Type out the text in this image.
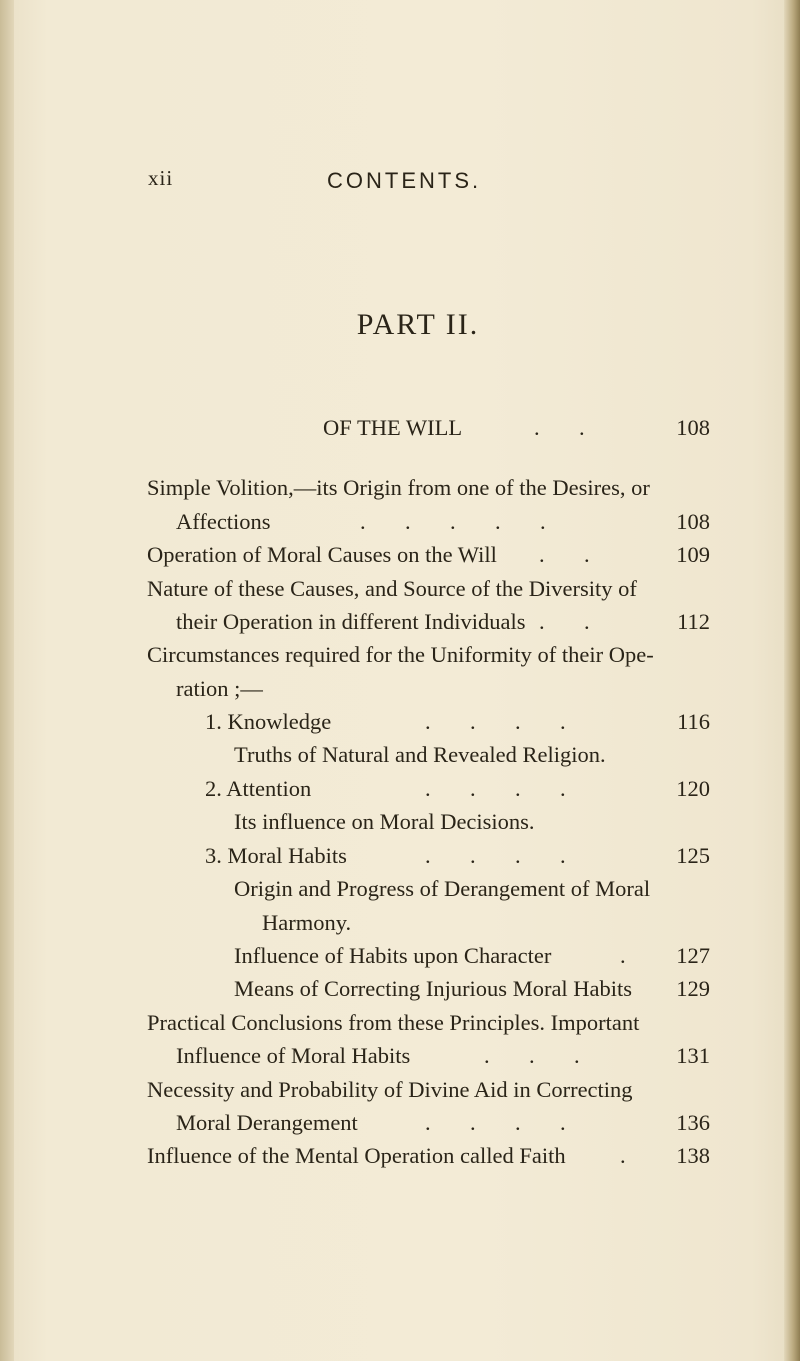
xii	CONTENTS.
PART II.
OF THE WILL	.       .	108
Simple Volition,—its Origin from one of the Desires, or
Affections	.       .       .       .       .	108
Operation of Moral Causes on the Will .       .	109
Nature of these Causes, and Source of the Diversity of
their Operation in different Individuals .       .	112
Circumstances required for the Uniformity of their Ope-
ration ;—
1. Knowledge	.       .       .       .	116
Truths of Natural and Revealed Religion.
2. Attention	.       .       .       .	120
Its influence on Moral Decisions.
3. Moral Habits	.       .       .       .	125
Origin and Progress of Derangement of Moral
Harmony.
Influence of Habits upon Character	.	127
Means of Correcting Injurious Moral Habits	129
Practical Conclusions from these Principles. Important
Influence of Moral Habits	.       .       .	131
Necessity and Probability of Divine Aid in Correcting
Moral Derangement	.       .       .       .	136
Influence of the Mental Operation called Faith .	138
